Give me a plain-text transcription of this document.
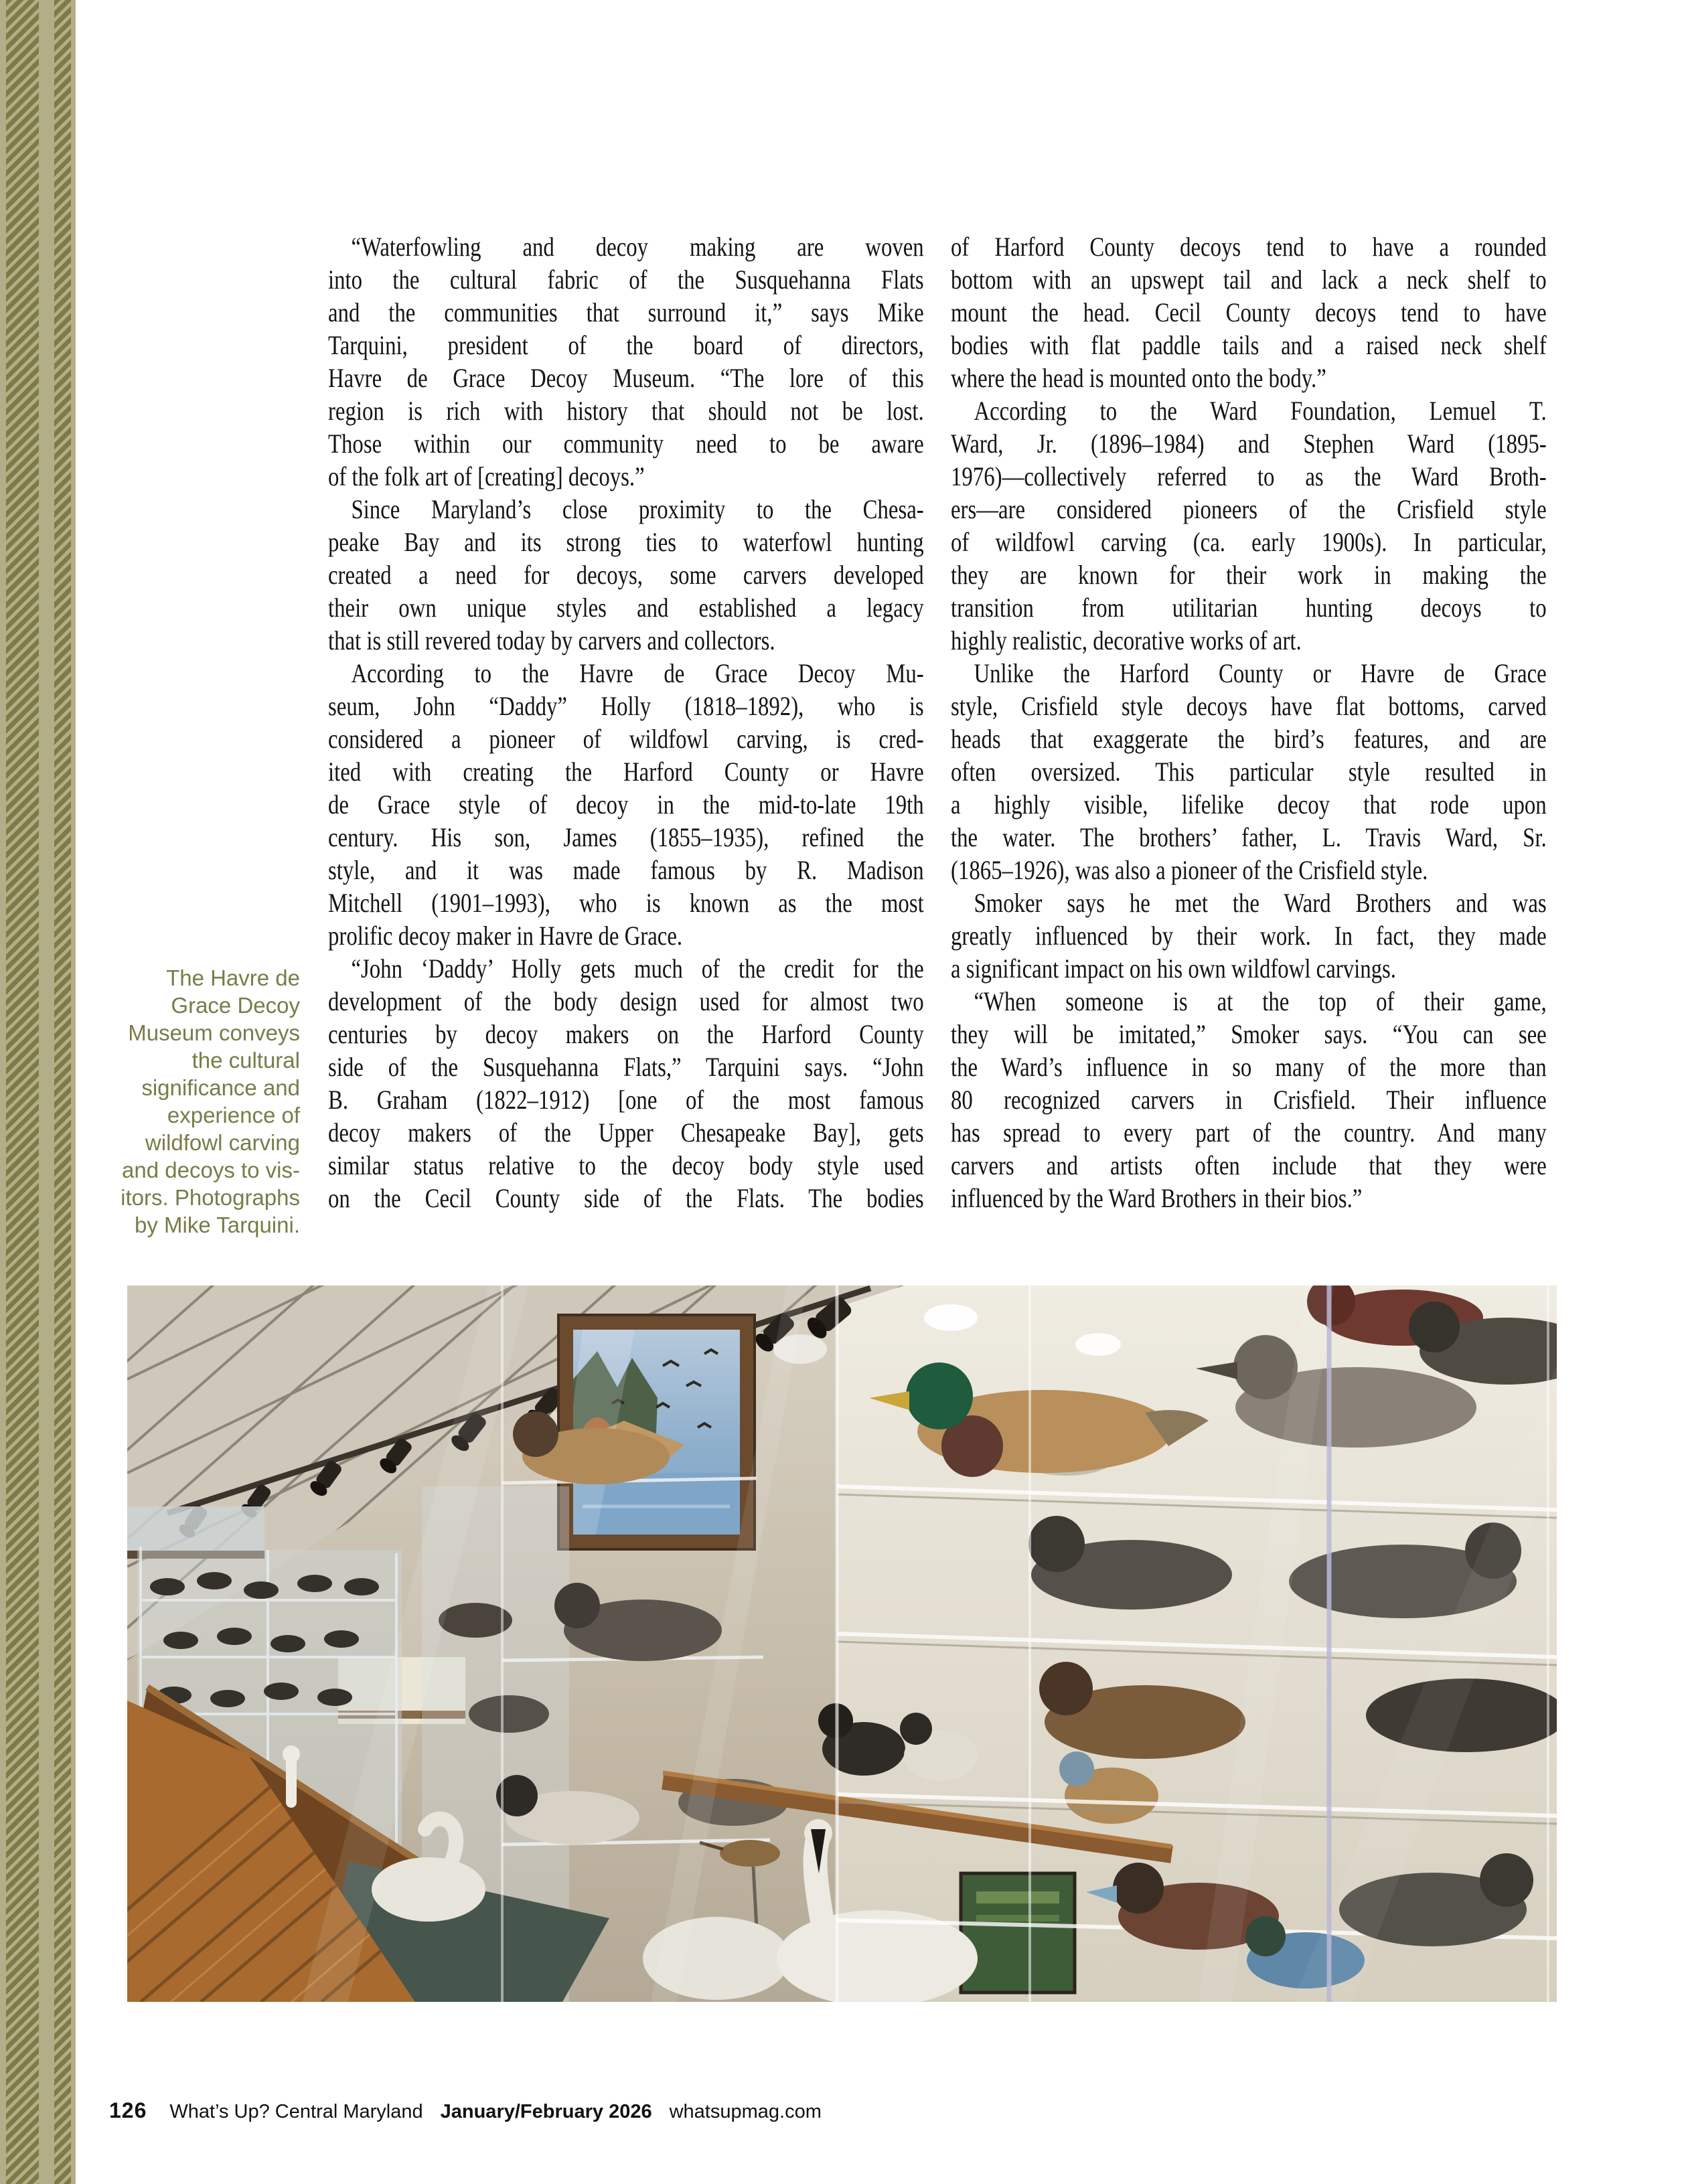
The Havre de
Grace Decoy
Museum conveys
the cultural
significance and
experience of
wildfowl carving
and decoys to vis-
itors. Photographs
by Mike Tarquini.
“Waterfowling and decoy making are woven
into the cultural fabric of the Susquehanna Flats
and the communities that surround it,” says Mike
Tarquini, president of the board of directors,
Havre de Grace Decoy Museum. “The lore of this
region is rich with history that should not be lost.
Those within our community need to be aware
of the folk art of [creating] decoys.”
Since Maryland’s close proximity to the Chesa-
peake Bay and its strong ties to waterfowl hunting
created a need for decoys, some carvers developed
their own unique styles and established a legacy
that is still revered today by carvers and collectors.
According to the Havre de Grace Decoy Mu-
seum, John “Daddy” Holly (1818–1892), who is
considered a pioneer of wildfowl carving, is cred-
ited with creating the Harford County or Havre
de Grace style of decoy in the mid-to-late 19th
century. His son, James (1855–1935), refined the
style, and it was made famous by R. Madison
Mitchell (1901–1993), who is known as the most
prolific decoy maker in Havre de Grace.
“John ‘Daddy’ Holly gets much of the credit for the
development of the body design used for almost two
centuries by decoy makers on the Harford County
side of the Susquehanna Flats,” Tarquini says. “John
B. Graham (1822–1912) [one of the most famous
decoy makers of the Upper Chesapeake Bay], gets
similar status relative to the decoy body style used
on the Cecil County side of the Flats. The bodies
of Harford County decoys tend to have a rounded
bottom with an upswept tail and lack a neck shelf to
mount the head. Cecil County decoys tend to have
bodies with flat paddle tails and a raised neck shelf
where the head is mounted onto the body.”
According to the Ward Foundation, Lemuel T.
Ward, Jr. (1896–1984) and Stephen Ward (1895-
1976)—collectively referred to as the Ward Broth-
ers—are considered pioneers of the Crisfield style
of wildfowl carving (ca. early 1900s). In particular,
they are known for their work in making the
transition from utilitarian hunting decoys to
highly realistic, decorative works of art.
Unlike the Harford County or Havre de Grace
style, Crisfield style decoys have flat bottoms, carved
heads that exaggerate the bird’s features, and are
often oversized. This particular style resulted in
a highly visible, lifelike decoy that rode upon
the water. The brothers’ father, L. Travis Ward, Sr.
(1865–1926), was also a pioneer of the Crisfield style.
Smoker says he met the Ward Brothers and was
greatly influenced by their work. In fact, they made
a significant impact on his own wildfowl carvings.
“When someone is at the top of their game,
they will be imitated,” Smoker says. “You can see
the Ward’s influence in so many of the more than
80 recognized carvers in Crisfield. Their influence
has spread to every part of the country. And many
carvers and artists often include that they were
influenced by the Ward Brothers in their bios.”
126 What’s Up? Central Maryland January/February 2026 whatsupmag.com
